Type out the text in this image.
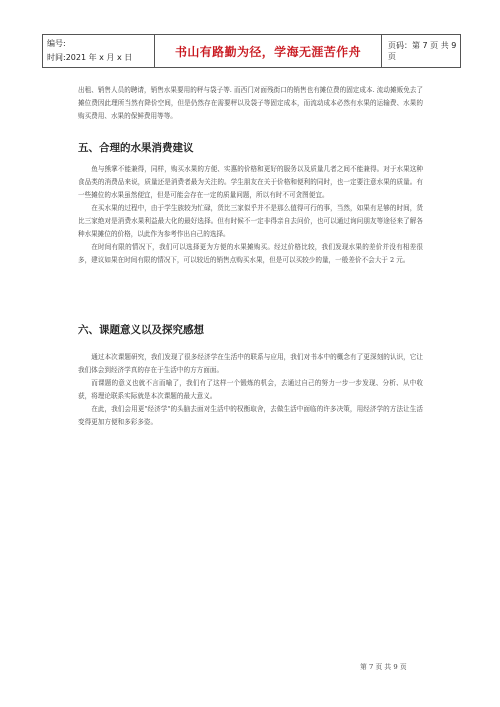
编号:
时间:2021 年 x 月 x 日	书山有路勤为径，学海无涯苦作舟	页码：第 7 页 共 9 页

出租、销售人员的聘请，销售水果要用的秤与袋子等. 而西门对面残街口的销售也有摊位费的固定成本. 流动摊贩免去了摊位费因此理所当然有降价空间，但是仍然存在需要秤以及袋子等固定成本，而流动成本必然有水果的运输费、水果的购买费用、水果的保鲜费用等等。

五、合理的水果消费建议

鱼与熊掌不能兼得，同样，购买水果的方便、实惠的价格和更好的服务以及质量几者之间不能兼得。对于水果这种食品类的消费品来说，质量还是消费者最为关注的。学生朋友在关于价格和便利的同时，也一定要注意水果的质量。有一些摊位的水果虽然便宜，但是可能会存在一定的质量问题，所以有时不可贪图便宜。

在买水果的过程中，由于学生族较为忙碌，货比三家似乎并不是那么值得可行的事，当然，如果有足够的时间，货比三家绝对是消费水果利益最大化的最好选择。但有时候不一定非得亲自去问价，也可以通过询问朋友等途径来了解各种水果摊位的价格，以此作为参考作出自己的选择。

在时间有限的情况下，我们可以选择更为方便的水果摊购买。经过价格比较，我们发现水果的差价并没有相差很多，建议如果在时间有限的情况下，可以较近的销售点购买水果，但是可以买较少的量，一般差价不会大于 2 元。

六、课题意义以及探究感想

通过本次课题研究，我们发现了很多经济学在生活中的联系与应用，我们对书本中的概念有了更深刻的认识，它让我们体会到经济学真的存在于生活中的方方面面。

而课题的意义也就不言而喻了，我们有了这样一个锻炼的机会，去通过自己的努力一步一步发现、分析、从中收获，将理论联系实际就是本次课题的最大意义。

在此，我们会用更"经济学"的头脑去面对生活中的权衡取舍，去做生活中面临的许多决策，用经济学的方法让生活变得更加方便和多彩多姿。

第 7 页 共 9 页
